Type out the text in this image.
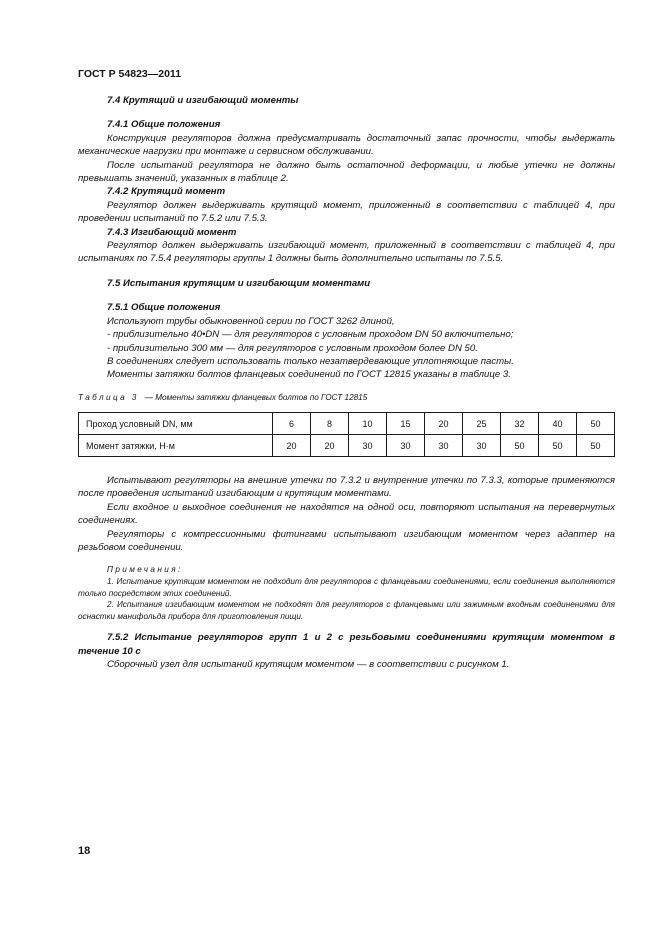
ГОСТ Р 54823—2011

7.4 Крутящий и изгибающий моменты

7.4.1 Общие положения

Конструкция регуляторов должна предусматривать достаточный запас прочности, чтобы выдержать механические нагрузки при монтаже и сервисном обслуживании.

После испытаний регулятора не должно быть остаточной деформации, и любые утечки не должны превышать значений, указанных в таблице 2.

7.4.2 Крутящий момент

Регулятор должен выдерживать крутящий момент, приложенный в соответствии с таблицей 4, при проведении испытаний по 7.5.2 или 7.5.3.

7.4.3 Изгибающий момент

Регулятор должен выдерживать изгибающий момент, приложенный в соответствии с таблицей 4, при испытаниях по 7.5.4 регуляторы группы 1 должны быть дополнительно испытаны по 7.5.5.

7.5 Испытания крутящим и изгибающим моментами

7.5.1 Общие положения

Используют трубы обыкновенной серии по ГОСТ 3262 длиной,

- приблизительно 40•DN — для регуляторов с условным проходом DN 50 включительно;

- приблизительно 300 мм — для регуляторов с условным проходом более DN 50.

В соединениях следует использовать только незатвердевающие уплотняющие пасты.

Моменты затяжки болтов фланцевых соединений по ГОСТ 12815 указаны в таблице 3.

Таблица 3 — Моменты затяжки фланцевых болтов по ГОСТ 12815
Проход условный DN, мм	6	8	10	15	20	25	32	40	50
Момент затяжки, Н·м	20	20	30	30	30	30	50	50	50

Испытывают регуляторы на внешние утечки по 7.3.2 и внутренние утечки по 7.3.3, которые применяются после проведения испытаний изгибающим и крутящим моментами.

Если входное и выходное соединения не находятся на одной оси, повторяют испытания на перевернутых соединениях.

Регуляторы с компрессионными фитингами испытывают изгибающим моментом через адаптер на резьбовом соединении.

Примечания:

1. Испытание крутящим моментом не подходит для регуляторов с фланцевыми соединениями, если соединения выполняются только посредством этих соединений.

2. Испытания изгибающим моментом не подходят для регуляторов с фланцевыми или зажимным входным соединениями для оснастки манифольда прибора для приготовления пищи.

7.5.2 Испытание регуляторов групп 1 и 2 с резьбовыми соединениями крутящим моментом в течение 10 с

Сборочный узел для испытаний крутящим моментом — в соответствии с рисунком 1.

18
